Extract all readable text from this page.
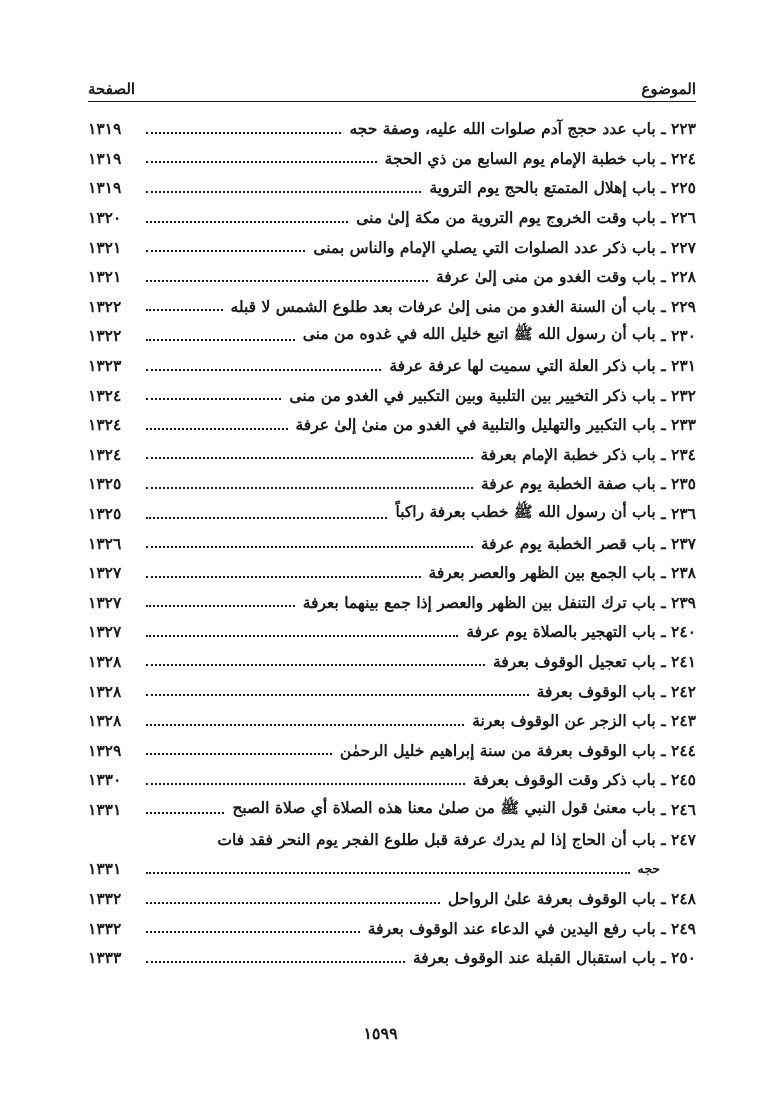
الموضوع
الصفحة
٢٢٣
ـ
باب عدد حجج آدم صلوات الله عليه، وصفة حجه
١٣١٩
٢٢٤
ـ
باب خطبة الإمام يوم السابع من ذي الحجة
١٣١٩
٢٢٥
ـ
باب إهلال المتمتع بالحج يوم التروية
١٣١٩
٢٢٦
ـ
باب وقت الخروج يوم التروية من مكة إلىٰ منى
١٣٢٠
٢٢٧
ـ
باب ذكر عدد الصلوات التي يصلي الإمام والناس بمنى
١٣٢١
٢٢٨
ـ
باب وقت الغدو من منى إلىٰ عرفة
١٣٢١
٢٢٩
ـ
باب أن السنة الغدو من منى إلىٰ عرفات بعد طلوع الشمس لا قبله
١٣٢٢
٢٣٠
ـ
باب أن رسول الله ﷺ اتبع خليل الله في غدوه من منى
١٣٢٢
٢٣١
ـ
باب ذكر العلة التي سميت لها عرفة عرفة
١٣٢٣
٢٣٢
ـ
باب ذكر التخيير بين التلبية وبين التكبير في الغدو من منى
١٣٢٤
٢٣٣
ـ
باب التكبير والتهليل والتلبية في الغدو من منىٰ إلىٰ عرفة
١٣٢٤
٢٣٤
ـ
باب ذكر خطبة الإمام بعرفة
١٣٢٤
٢٣٥
ـ
باب صفة الخطبة يوم عرفة
١٣٢٥
٢٣٦
ـ
باب أن رسول الله ﷺ خطب بعرفة راكباً
١٣٢٥
٢٣٧
ـ
باب قصر الخطبة يوم عرفة
١٣٢٦
٢٣٨
ـ
باب الجمع بين الظهر والعصر بعرفة
١٣٢٧
٢٣٩
ـ
باب ترك التنفل بين الظهر والعصر إذا جمع بينهما بعرفة
١٣٢٧
٢٤٠
ـ
باب التهجير بالصلاة يوم عرفة
١٣٢٧
٢٤١
ـ
باب تعجيل الوقوف بعرفة
١٣٢٨
٢٤٢
ـ
باب الوقوف بعرفة
١٣٢٨
٢٤٣
ـ
باب الزجر عن الوقوف بعرنة
١٣٢٨
٢٤٤
ـ
باب الوقوف بعرفة من سنة إبراهيم خليل الرحمٰن
١٣٢٩
٢٤٥
ـ
باب ذكر وقت الوقوف بعرفة
١٣٣٠
٢٤٦
ـ
باب معنىٰ قول النبي ﷺ من صلىٰ معنا هذه الصلاة أي صلاة الصبح
١٣٣١
٢٤٧
ـ
باب أن الحاج إذا لم يدرك عرفة قبل طلوع الفجر يوم النحر فقد فات
حجه
١٣٣١
٢٤٨
ـ
باب الوقوف بعرفة علىٰ الرواحل
١٣٣٢
٢٤٩
ـ
باب رفع اليدين في الدعاء عند الوقوف بعرفة
١٣٣٢
٢٥٠
ـ
باب استقبال القبلة عند الوقوف بعرفة
١٣٣٣
١٥٩٩
